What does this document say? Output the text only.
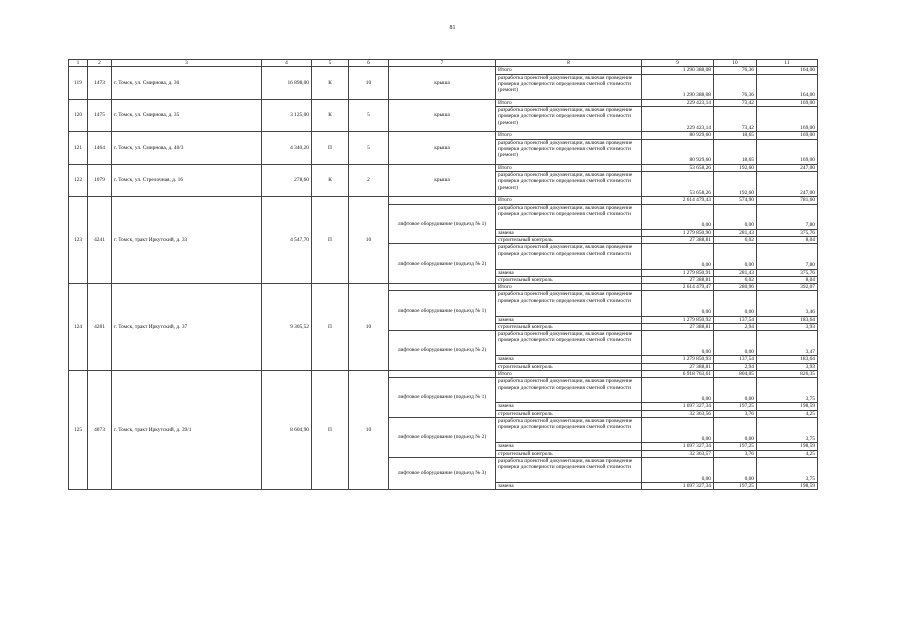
81
1	2	3	4	5	6	7	8	9	10	11
119	1473	г. Томск, ул. Смирнова, д. 30	16 898,00	К	10	крыша	Итого	1 290 388,08	76,36	164,00
							разработка проектной документации, включая проведение проверки достоверности определения сметной стоимости (ремонт)	1 290 388,08	76,36	164,00
120	1475	г. Томск, ул. Смирнова, д. 35	3 125,00	К	5	крыша	Итого	229 423,14	73,42	169,00
							разработка проектной документации, включая проведение проверки достоверности определения сметной стоимости (ремонт)	229 423,14	73,42	169,00
121	1464	г. Томск, ул. Смирнова, д. 40/3	4 340,20	П	5	крыша	Итого	80 929,60	18,65	169,00
							разработка проектной документации, включая проведение проверки достоверности определения сметной стоимости (ремонт)	80 929,60	18,65	169,00
122	1079	г. Томск, ул. Стрелочная, д. 16	278,60	К	2	крыша	Итого	53 658,26	192,60	247,00
							разработка проектной документации, включая проведение проверки достоверности определения сметной стоимости (ремонт)	53 658,26	192,60	247,00
123	4241	г. Томск, тракт Иркутский, д. 33	4 547,70	П	10		Итого	2 614 479,43	574,90	781,60
						лифтовое оборудование (подъезд № 1)	разработка проектной документации, включая проведение проверки достоверности определения сметной стоимости	0,00	0,00	7,80
							замена	1 279 850,90	281,43	375,76
							строительный контроль	27 388,81	6,02	8,04
						лифтовое оборудование (подъезд № 2)	разработка проектной документации, включая проведение проверки достоверности определения сметной стоимости	0,00	0,00	7,80
							замена	1 279 850,91	281,43	375,76
							строительный контроль	27 388,81	6,02	8,04
124	4281	г. Томск, тракт Иркутский, д. 37	9 305,52	П	10		Итого	2 614 479,47	280,96	392,07
						лифтовое оборудование (подъезд № 1)	разработка проектной документации, включая проведение проверки достоверности определения сметной стоимости	0,00	0,00	3,46
							замена	1 279 850,92	137,54	183,64
							строительный контроль	27 388,81	2,94	3,93
						лифтовое оборудование (подъезд № 2)	разработка проектной документации, включая проведение проверки достоверности определения сметной стоимости	0,00	0,00	3,47
							замена	1 279 850,93	137,54	183,64
							строительный контроль	27 388,81	2,94	3,93
125	4073	г. Томск, тракт Иркутский, д. 39/1	8 604,90	П	10		Итого	6 918 763,61	804,05	826,35
						лифтовое оборудование (подъезд № 1)	разработка проектной документации, включая проведение проверки достоверности определения сметной стоимости	0,00	0,00	3,75
							замена	1 697 327,34	197,25	198,59
							строительный контроль	32 363,56	3,76	4,25
						лифтовое оборудование (подъезд № 2)	разработка проектной документации, включая проведение проверки достоверности определения сметной стоимости	0,00	0,00	3,75
							замена	1 697 327,34	197,25	198,59
							строительный контроль	32 363,57	3,76	4,25
						лифтовое оборудование (подъезд № 3)	разработка проектной документации, включая проведение проверки достоверности определения сметной стоимости	0,00	0,00	3,75
							замена	1 697 327,34	197,25	198,59
